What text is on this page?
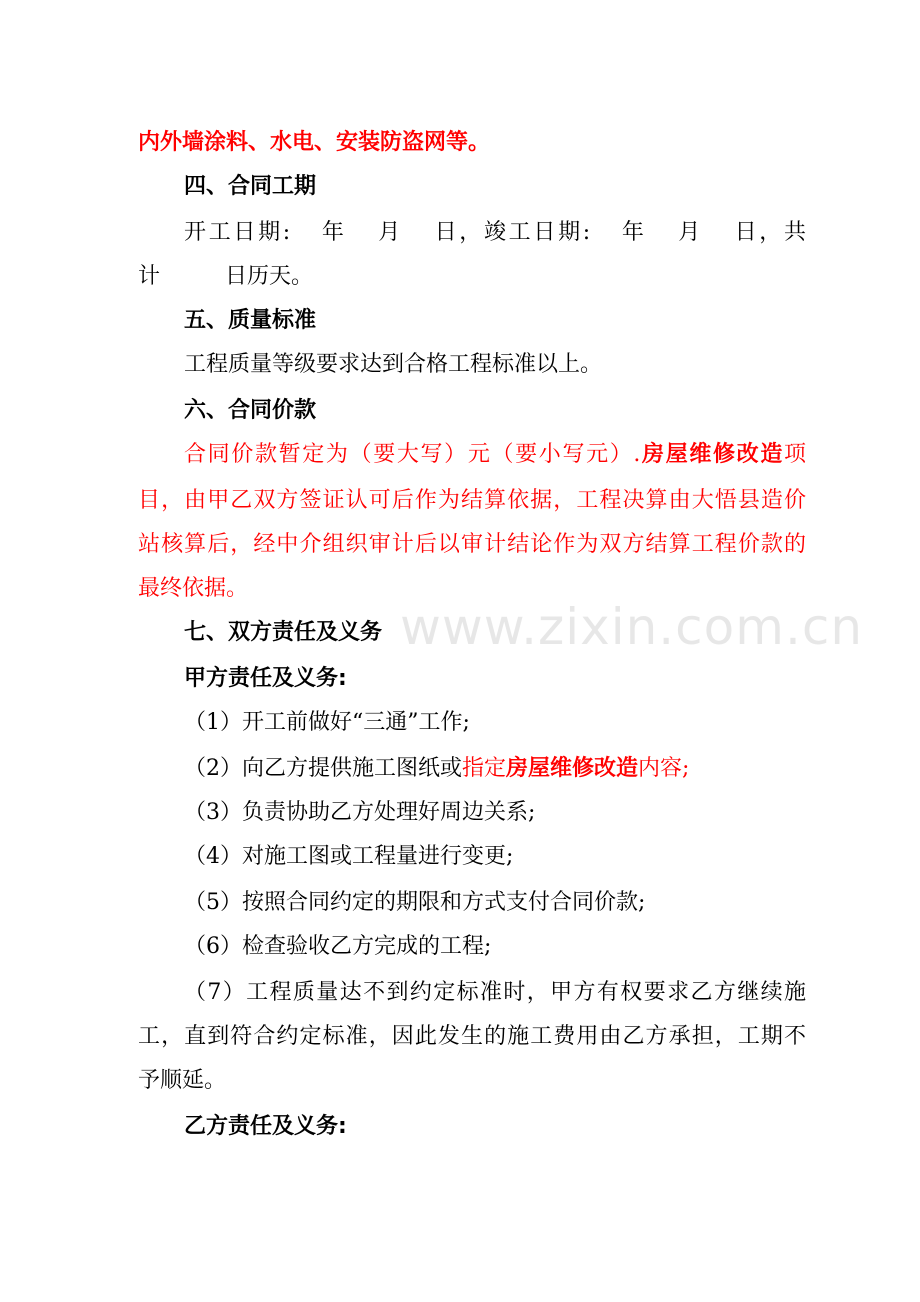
内外墙涂料、水电、安装防盗网等。
四、合同工期
开工日期: 年 月 日，竣工日期: 年 月 日，共
计 日历天。
五、质量标准
工程质量等级要求达到合格工程标准以上。
六、合同价款
合同价款暂定为（要大写）元（要小写元）.房屋维修改造项
目，由甲乙双方签证认可后作为结算依据，工程决算由大悟县造价
站核算后，经中介组织审计后以审计结论作为双方结算工程价款的
最终依据。
www.zixin.com.cn
七、双方责任及义务
甲方责任及义务:
（1）开工前做好“三通”工作;
（2）向乙方提供施工图纸或指定房屋维修改造内容;
（3）负责协助乙方处理好周边关系;
（4）对施工图或工程量进行变更;
（5）按照合同约定的期限和方式支付合同价款;
（6）检查验收乙方完成的工程;
（7）工程质量达不到约定标准时，甲方有权要求乙方继续施
工，直到符合约定标准，因此发生的施工费用由乙方承担，工期不
予顺延。
乙方责任及义务:
